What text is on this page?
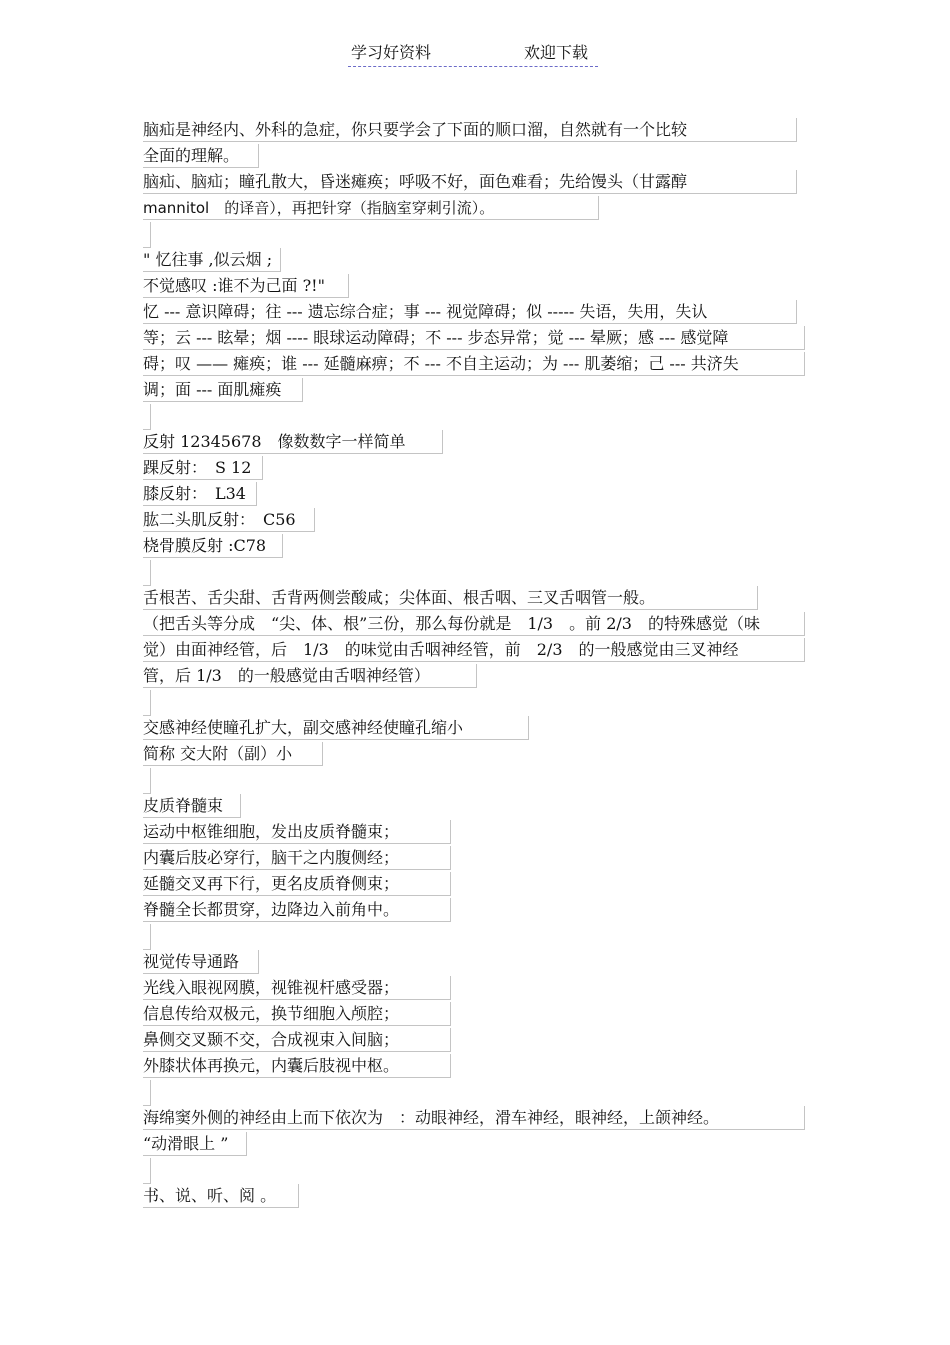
学习好资料	欢迎下载
脑疝是神经内、外科的急症，你只要学会了下面的顺口溜，自然就有一个比较
全面的理解。
脑疝、脑疝；瞳孔散大，昏迷瘫痪；呼吸不好，面色难看；先给馒头（甘露醇
mannitol　的译音），再把针穿（指脑室穿刺引流）。
" 忆往事 ,似云烟 ;
不觉感叹 :谁不为己面 ?!"
忆 --- 意识障碍；往 --- 遗忘综合症；事 --- 视觉障碍；似 ----- 失语，失用，失认
等；云 --- 眩晕；烟 ---- 眼球运动障碍；不 --- 步态异常；觉 --- 晕厥；感 --- 感觉障
碍；叹 —— 瘫痪；谁 --- 延髓麻痹；不 --- 不自主运动；为 --- 肌萎缩；己 --- 共济失
调；面 --- 面肌瘫痪
反射 12345678　像数数字一样简单
踝反射：　S 12
膝反射：　L34
肱二头肌反射：　C56
桡骨膜反射 :C78
舌根苦、舌尖甜、舌背两侧尝酸咸；尖体面、根舌咽、三叉舌咽管一般。
（把舌头等分成　“尖、体、根”三份，那么每份就是　1/3　。前 2/3　的特殊感觉（味
觉）由面神经管，后　1/3　的味觉由舌咽神经管，前　2/3　的一般感觉由三叉神经
管，后 1/3　的一般感觉由舌咽神经管）
交感神经使瞳孔扩大，副交感神经使瞳孔缩小
简称 交大附（副）小
皮质脊髓束
运动中枢锥细胞，发出皮质脊髓束；
内囊后肢必穿行，脑干之内腹侧经；
延髓交叉再下行，更名皮质脊侧束；
脊髓全长都贯穿，边降边入前角中。
视觉传导通路
光线入眼视网膜，视锥视杆感受器；
信息传给双极元，换节细胞入颅腔；
鼻侧交叉颞不交，合成视束入间脑；
外膝状体再换元，内囊后肢视中枢。
海绵窦外侧的神经由上而下依次为　：动眼神经，滑车神经，眼神经，上颌神经。
“动滑眼上 ”
书、说、听、阅 。
